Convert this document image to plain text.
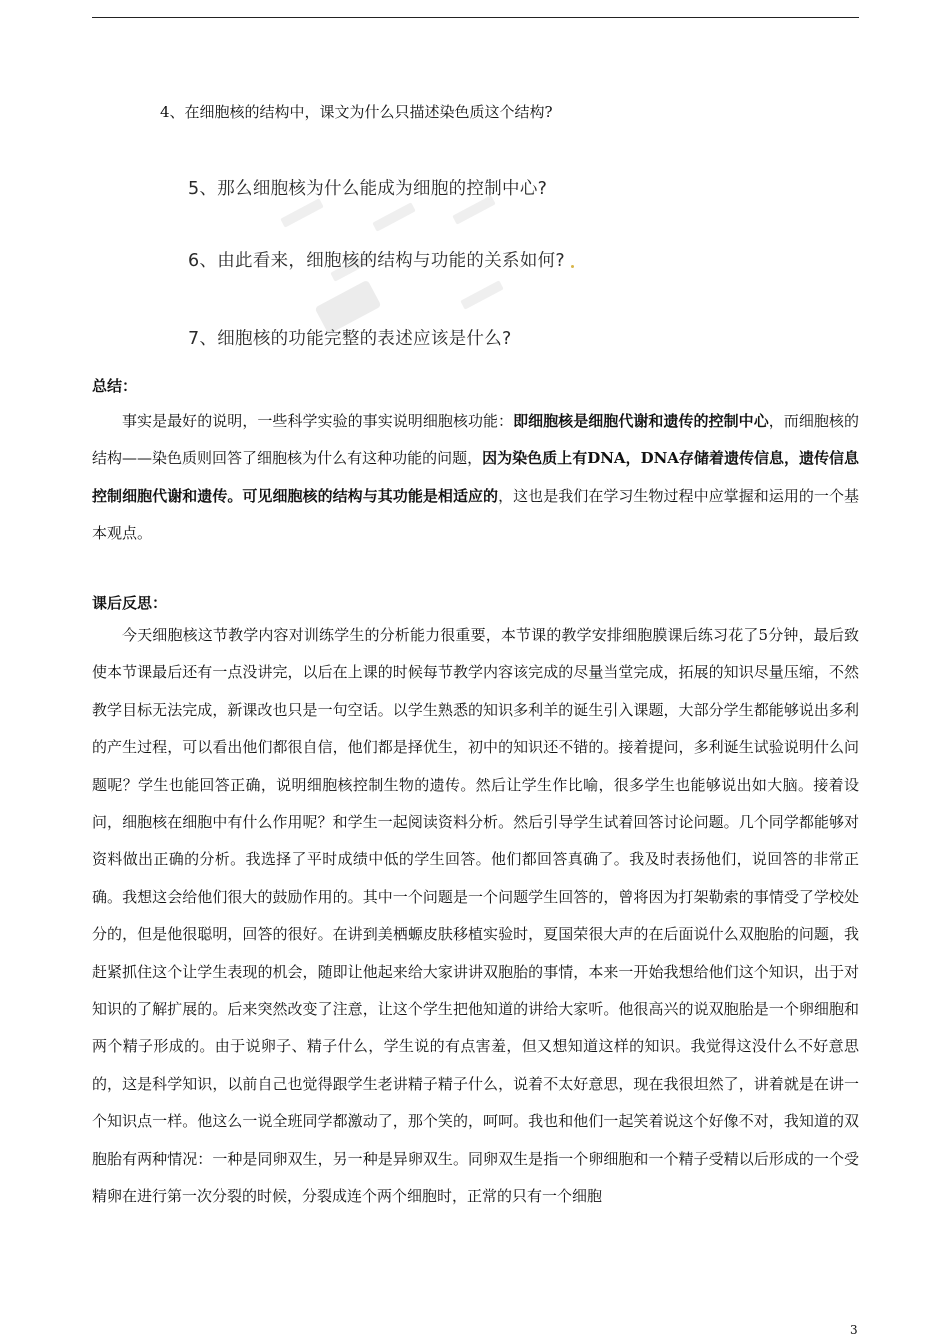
4、在细胞核的结构中，课文为什么只描述染色质这个结构?
5、那么细胞核为什么能成为细胞的控制中心?
6、由此看来，细胞核的结构与功能的关系如何?
7、细胞核的功能完整的表述应该是什么?
总结：

事实是最好的说明，一些科学实验的事实说明细胞核功能：即细胞核是细胞代谢和遗传的控制中心，而细胞核的结构——染色质则回答了细胞核为什么有这种功能的问题，因为染色质上有DNA，DNA存储着遗传信息，遗传信息控制细胞代谢和遗传。可见细胞核的结构与其功能是相适应的，这也是我们在学习生物过程中应掌握和运用的一个基本观点。

课后反思：

今天细胞核这节教学内容对训练学生的分析能力很重要，本节课的教学安排细胞膜课后练习花了5分钟，最后致使本节课最后还有一点没讲完，以后在上课的时候每节教学内容该完成的尽量当堂完成，拓展的知识尽量压缩，不然教学目标无法完成，新课改也只是一句空话。以学生熟悉的知识多利羊的诞生引入课题，大部分学生都能够说出多利的产生过程，可以看出他们都很自信，他们都是择优生，初中的知识还不错的。接着提问，多利诞生试验说明什么问题呢？学生也能回答正确，说明细胞核控制生物的遗传。然后让学生作比喻，很多学生也能够说出如大脑。接着设问，细胞核在细胞中有什么作用呢？和学生一起阅读资料分析。然后引导学生试着回答讨论问题。几个同学都能够对资料做出正确的分析。我选择了平时成绩中低的学生回答。他们都回答真确了。我及时表扬他们，说回答的非常正确。我想这会给他们很大的鼓励作用的。其中一个问题是一个问题学生回答的，曾将因为打架勒索的事情受了学校处分的，但是他很聪明，回答的很好。在讲到美栖螈皮肤移植实验时，夏国荣很大声的在后面说什么双胞胎的问题，我赶紧抓住这个让学生表现的机会，随即让他起来给大家讲讲双胞胎的事情，本来一开始我想给他们这个知识，出于对知识的了解扩展的。后来突然改变了注意，让这个学生把他知道的讲给大家听。他很高兴的说双胞胎是一个卵细胞和两个精子形成的。由于说卵子、精子什么，学生说的有点害羞，但又想知道这样的知识。我觉得这没什么不好意思的，这是科学知识，以前自己也觉得跟学生老讲精子精子什么，说着不太好意思，现在我很坦然了，讲着就是在讲一个知识点一样。他这么一说全班同学都激动了，那个笑的，呵呵。我也和他们一起笑着说这个好像不对，我知道的双胞胎有两种情况：一种是同卵双生，另一种是异卵双生。同卵双生是指一个卵细胞和一个精子受精以后形成的一个受精卵在进行第一次分裂的时候，分裂成连个两个细胞时，正常的只有一个细胞

3
